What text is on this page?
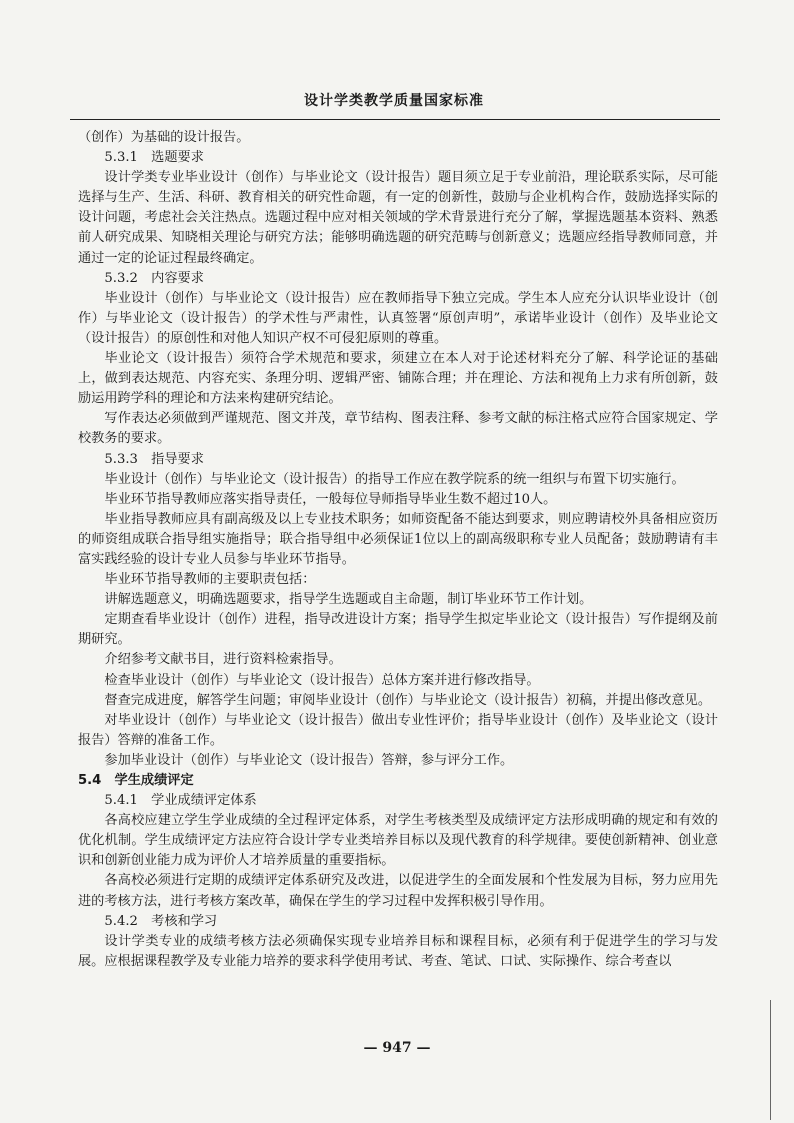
设计学类教学质量国家标准

（创作）为基础的设计报告。

5.3.1　选题要求

设计学类专业毕业设计（创作）与毕业论文（设计报告）题目须立足于专业前沿，理论联系实际，尽可能选择与生产、生活、科研、教育相关的研究性命题，有一定的创新性，鼓励与企业机构合作，鼓励选择实际的设计问题，考虑社会关注热点。选题过程中应对相关领域的学术背景进行充分了解，掌握选题基本资料、熟悉前人研究成果、知晓相关理论与研究方法；能够明确选题的研究范畴与创新意义；选题应经指导教师同意，并通过一定的论证过程最终确定。

5.3.2　内容要求

毕业设计（创作）与毕业论文（设计报告）应在教师指导下独立完成。学生本人应充分认识毕业设计（创作）与毕业论文（设计报告）的学术性与严肃性，认真签署“原创声明”，承诺毕业设计（创作）及毕业论文（设计报告）的原创性和对他人知识产权不可侵犯原则的尊重。

毕业论文（设计报告）须符合学术规范和要求，须建立在本人对于论述材料充分了解、科学论证的基础上，做到表达规范、内容充实、条理分明、逻辑严密、铺陈合理；并在理论、方法和视角上力求有所创新，鼓励运用跨学科的理论和方法来构建研究结论。

写作表达必须做到严谨规范、图文并茂，章节结构、图表注释、参考文献的标注格式应符合国家规定、学校教务的要求。

5.3.3　指导要求

毕业设计（创作）与毕业论文（设计报告）的指导工作应在教学院系的统一组织与布置下切实施行。

毕业环节指导教师应落实指导责任，一般每位导师指导毕业生数不超过10人。

毕业指导教师应具有副高级及以上专业技术职务；如师资配备不能达到要求，则应聘请校外具备相应资历的师资组成联合指导组实施指导；联合指导组中必须保证1位以上的副高级职称专业人员配备；鼓励聘请有丰富实践经验的设计专业人员参与毕业环节指导。

毕业环节指导教师的主要职责包括：

讲解选题意义，明确选题要求，指导学生选题或自主命题，制订毕业环节工作计划。

定期查看毕业设计（创作）进程，指导改进设计方案；指导学生拟定毕业论文（设计报告）写作提纲及前期研究。

介绍参考文献书目，进行资料检索指导。

检查毕业设计（创作）与毕业论文（设计报告）总体方案并进行修改指导。

督查完成进度，解答学生问题；审阅毕业设计（创作）与毕业论文（设计报告）初稿，并提出修改意见。

对毕业设计（创作）与毕业论文（设计报告）做出专业性评价；指导毕业设计（创作）及毕业论文（设计报告）答辩的准备工作。

参加毕业设计（创作）与毕业论文（设计报告）答辩，参与评分工作。

5.4　学生成绩评定

5.4.1　学业成绩评定体系

各高校应建立学生学业成绩的全过程评定体系，对学生考核类型及成绩评定方法形成明确的规定和有效的优化机制。学生成绩评定方法应符合设计学专业类培养目标以及现代教育的科学规律。要使创新精神、创业意识和创新创业能力成为评价人才培养质量的重要指标。

各高校必须进行定期的成绩评定体系研究及改进，以促进学生的全面发展和个性发展为目标，努力应用先进的考核方法，进行考核方案改革，确保在学生的学习过程中发挥积极引导作用。

5.4.2　考核和学习

设计学类专业的成绩考核方法必须确保实现专业培养目标和课程目标，必须有利于促进学生的学习与发展。应根据课程教学及专业能力培养的要求科学使用考试、考查、笔试、口试、实际操作、综合考查以

— 947 —
